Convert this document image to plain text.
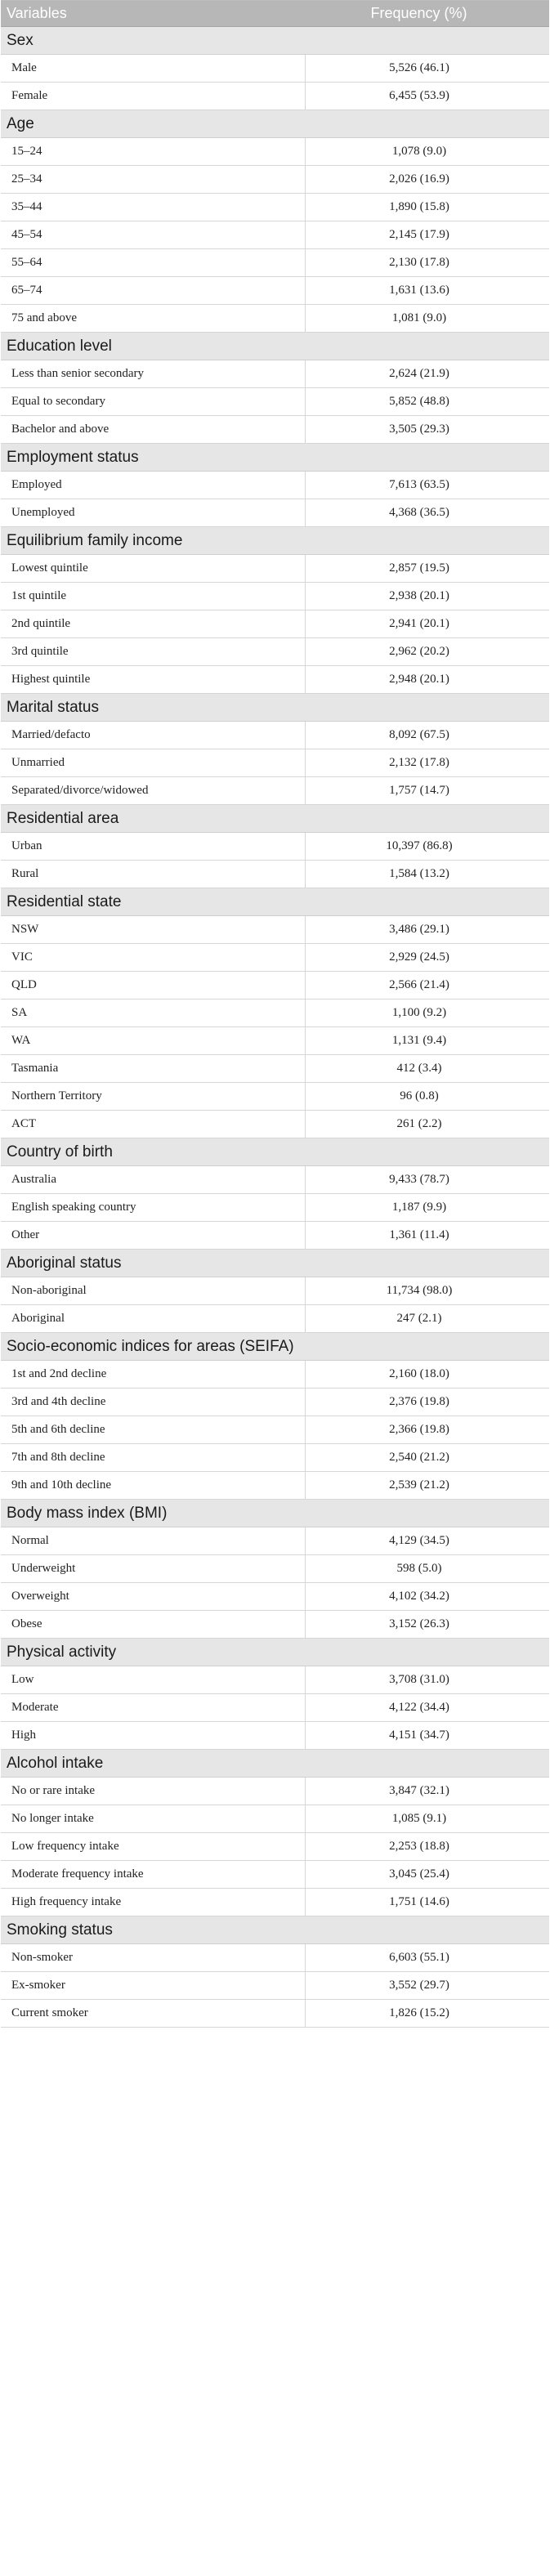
Variables	Frequency (%)
Sex
Male	5,526 (46.1)
Female	6,455 (53.9)
Age
15–24	1,078 (9.0)
25–34	2,026 (16.9)
35–44	1,890 (15.8)
45–54	2,145 (17.9)
55–64	2,130 (17.8)
65–74	1,631 (13.6)
75 and above	1,081 (9.0)
Education level
Less than senior secondary	2,624 (21.9)
Equal to secondary	5,852 (48.8)
Bachelor and above	3,505 (29.3)
Employment status
Employed	7,613 (63.5)
Unemployed	4,368 (36.5)
Equilibrium family income
Lowest quintile	2,857 (19.5)
1st quintile	2,938 (20.1)
2nd quintile	2,941 (20.1)
3rd quintile	2,962 (20.2)
Highest quintile	2,948 (20.1)
Marital status
Married/defacto	8,092 (67.5)
Unmarried	2,132 (17.8)
Separated/divorce/widowed	1,757 (14.7)
Residential area
Urban	10,397 (86.8)
Rural	1,584 (13.2)
Residential state
NSW	3,486 (29.1)
VIC	2,929 (24.5)
QLD	2,566 (21.4)
SA	1,100 (9.2)
WA	1,131 (9.4)
Tasmania	412 (3.4)
Northern Territory	96 (0.8)
ACT	261 (2.2)
Country of birth
Australia	9,433 (78.7)
English speaking country	1,187 (9.9)
Other	1,361 (11.4)
Aboriginal status
Non-aboriginal	11,734 (98.0)
Aboriginal	247 (2.1)
Socio-economic indices for areas (SEIFA)
1st and 2nd decline	2,160 (18.0)
3rd and 4th decline	2,376 (19.8)
5th and 6th decline	2,366 (19.8)
7th and 8th decline	2,540 (21.2)
9th and 10th decline	2,539 (21.2)
Body mass index (BMI)
Normal	4,129 (34.5)
Underweight	598 (5.0)
Overweight	4,102 (34.2)
Obese	3,152 (26.3)
Physical activity
Low	3,708 (31.0)
Moderate	4,122 (34.4)
High	4,151 (34.7)
Alcohol intake
No or rare intake	3,847 (32.1)
No longer intake	1,085 (9.1)
Low frequency intake	2,253 (18.8)
Moderate frequency intake	3,045 (25.4)
High frequency intake	1,751 (14.6)
Smoking status
Non-smoker	6,603 (55.1)
Ex-smoker	3,552 (29.7)
Current smoker	1,826 (15.2)
